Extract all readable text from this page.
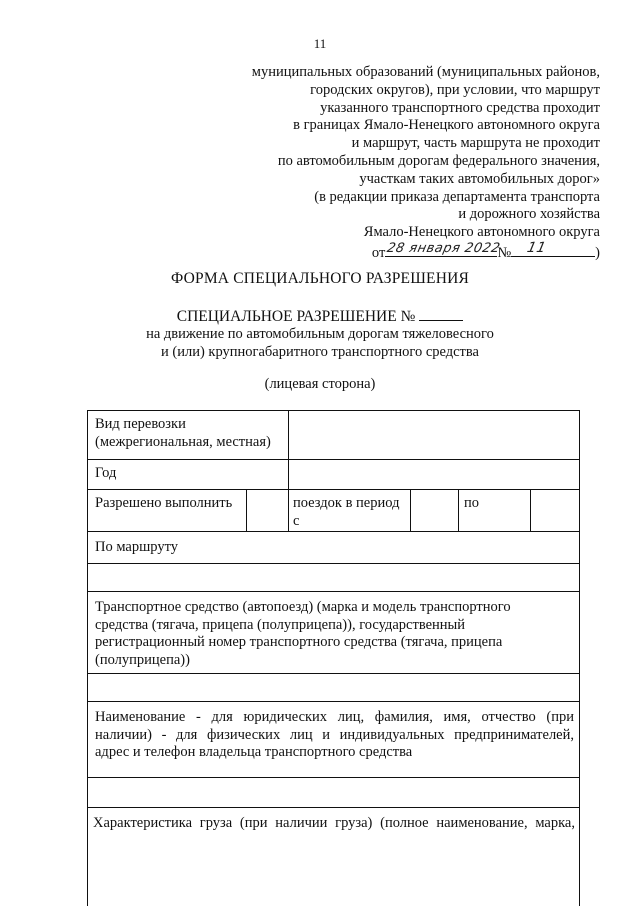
11
муниципальных образований (муниципальных районов,
городских округов), при условии, что маршрут
указанного транспортного средства проходит
в границах Ямало-Ненецкого автономного округа
и маршрут, часть маршрута не проходит
по автомобильным дорогам федерального значения,
участкам таких автомобильных дорог»
(в редакции приказа департамента транспорта
и дорожного хозяйства
Ямало-Ненецкого автономного округа
от 28 января 2022
№ 11	)
ФОРМА СПЕЦИАЛЬНОГО РАЗРЕШЕНИЯ
СПЕЦИАЛЬНОЕ РАЗРЕШЕНИЕ №
на движение по автомобильным дорогам тяжеловесного
и (или) крупногабаритного транспортного средства
(лицевая сторона)
Вид перевозки
(межрегиональная, местная)
Год
Разрешено выполнить	поездок в период
с
по
По маршруту
Транспортное средство (автопоезд) (марка и модель транспортного
средства (тягача, прицепа (полуприцепа)), государственный
регистрационный номер транспортного средства (тягача, прицепа
(полуприцепа))
Наименование - для юридических лиц, фамилия, имя, отчество (при
наличии) - для физических лиц и индивидуальных предпринимателей,
адрес и телефон владельца транспортного средства
Характеристика груза (при наличии груза) (полное наименование, марка,
